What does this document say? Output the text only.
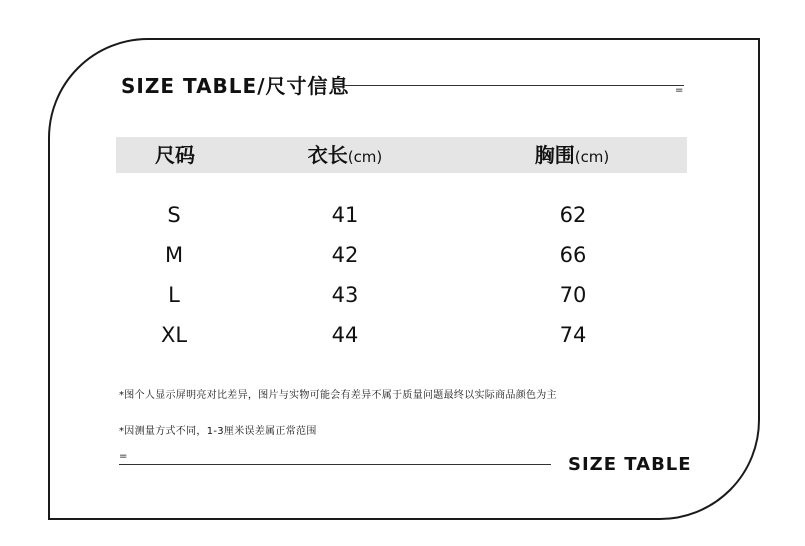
SIZE TABLE/尺寸信息	=
尺码	衣长(cm)	胸围(cm)
S	41	62
M	42	66
L	43	70
XL	44	74
*图个人显示屏明亮对比差异，图片与实物可能会有差异不属于质量问题最终以实际商品颜色为主
*因测量方式不同，1-3厘米误差属正常范围
=	SIZE TABLE
